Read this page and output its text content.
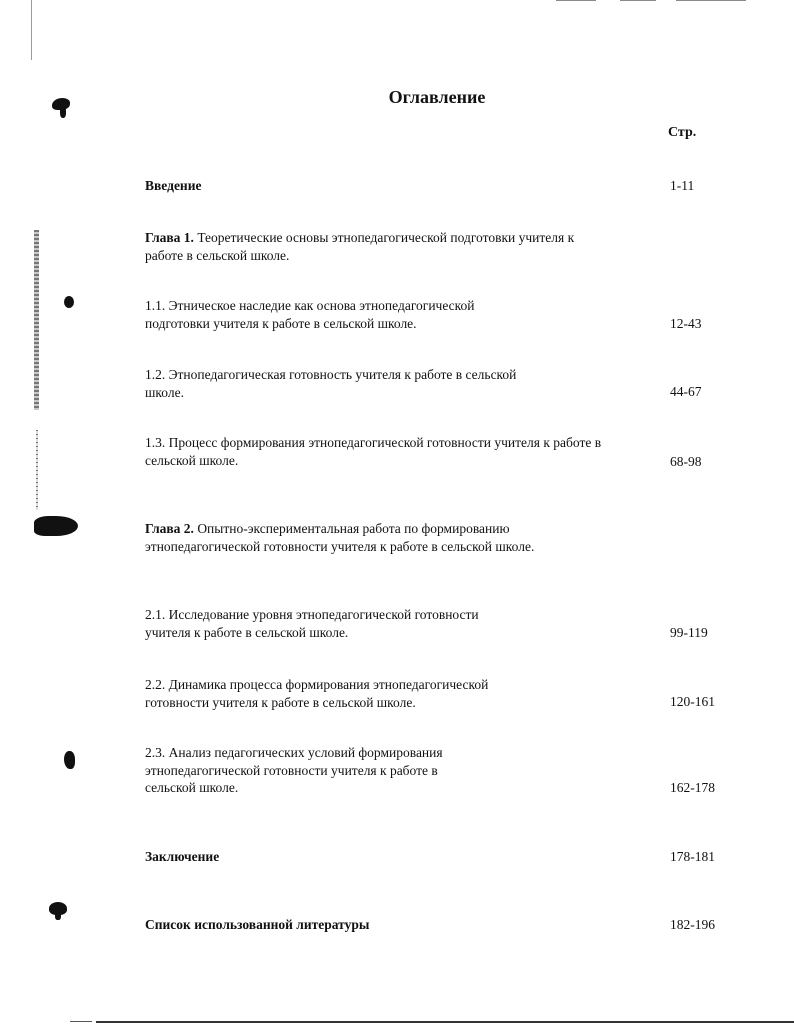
Оглавление
Стр.
Введение	1-11
Глава 1. Теоретические основы этнопедагогической подготовки учителя к работе в сельской школе.
1.1. Этническое наследие как основа этнопедагогической подготовки учителя к работе в сельской школе.	12-43
1.2. Этнопедагогическая готовность учителя к работе в сельской школе.	44-67
1.3. Процесс формирования этнопедагогической готовности учителя к работе в сельской школе.	68-98
Глава 2. Опытно-экспериментальная работа по формированию этнопедагогической готовности учителя к работе в сельской школе.
2.1. Исследование уровня этнопедагогической готовности учителя к работе в сельской школе.	99-119
2.2. Динамика процесса формирования этнопедагогической готовности учителя к работе в сельской школе.	120-161
2.3. Анализ педагогических условий формирования этнопедагогической готовности учителя к работе в сельской школе.	162-178
Заключение	178-181
Список использованной литературы	182-196
